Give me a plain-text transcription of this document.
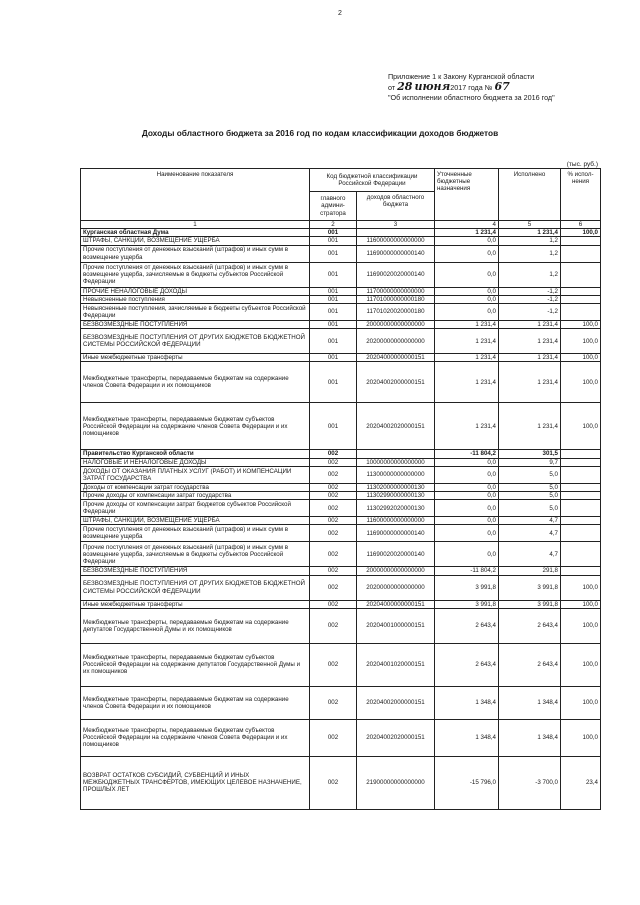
2
Приложение 1 к Закону Курганской области
от 28 июня2017 года № 67
"Об исполнении областного бюджета за 2016 год"
Доходы областного бюджета за 2016 год по кодам классификации доходов бюджетов
(тыс. руб.)
Наименование показателя	Код бюджетной классификации Российской Федерации		Уточненные бюджетные назначения	Исполнено	% испол-нения
	главного админи-стратора	доходов областного бюджета			
1	2	3	4	5	6
Курганская областная Дума	001		1 231,4	1 231,4	100,0
ШТРАФЫ, САНКЦИИ, ВОЗМЕЩЕНИЕ УЩЕРБА	001	11600000000000000	0,0	1,2	
Прочие поступления от денежных взысканий (штрафов) и иных сумм в возмещение ущерба	001	11690000000000140	0,0	1,2	
Прочие поступления от денежных взысканий (штрафов) и иных сумм в возмещение ущерба, зачисляемые в бюджеты субъектов Российской Федерации	001	11690020020000140	0,0	1,2	
ПРОЧИЕ НЕНАЛОГОВЫЕ ДОХОДЫ	001	11700000000000000	0,0	-1,2	
Невыясненные поступления	001	11701000000000180	0,0	-1,2	
Невыясненные поступления, зачисляемые в бюджеты субъектов Российской Федерации	001	11701020020000180	0,0	-1,2	
БЕЗВОЗМЕЗДНЫЕ ПОСТУПЛЕНИЯ	001	20000000000000000	1 231,4	1 231,4	100,0
БЕЗВОЗМЕЗДНЫЕ ПОСТУПЛЕНИЯ ОТ ДРУГИХ БЮДЖЕТОВ БЮДЖЕТНОЙ СИСТЕМЫ РОССИЙСКОЙ ФЕДЕРАЦИИ	001	20200000000000000	1 231,4	1 231,4	100,0
Иные межбюджетные трансферты	001	20204000000000151	1 231,4	1 231,4	100,0
Межбюджетные трансферты, передаваемые бюджетам на содержание членов Совета Федерации и их помощников	001	20204002000000151	1 231,4	1 231,4	100,0
Межбюджетные трансферты, передаваемые бюджетам субъектов Российской Федерации на содержание членов Совета Федерации и их помощников	001	20204002020000151	1 231,4	1 231,4	100,0
Правительство Курганской области	002		-11 804,2	301,5	
НАЛОГОВЫЕ И НЕНАЛОГОВЫЕ ДОХОДЫ	002	10000000000000000	0,0	9,7	
ДОХОДЫ ОТ ОКАЗАНИЯ ПЛАТНЫХ УСЛУГ (РАБОТ) И КОМПЕНСАЦИИ ЗАТРАТ ГОСУДАРСТВА	002	11300000000000000	0,0	5,0	
Доходы от компенсации затрат государства	002	11302000000000130	0,0	5,0	
Прочие доходы от компенсации затрат государства	002	11302990000000130	0,0	5,0	
Прочие доходы от компенсации затрат бюджетов субъектов Российской Федерации	002	11302992020000130	0,0	5,0	
ШТРАФЫ, САНКЦИИ, ВОЗМЕЩЕНИЕ УЩЕРБА	002	11600000000000000	0,0	4,7	
Прочие поступления от денежных взысканий (штрафов) и иных сумм в возмещение ущерба	002	11690000000000140	0,0	4,7	
Прочие поступления от денежных взысканий (штрафов) и иных сумм в возмещение ущерба, зачисляемые в бюджеты субъектов Российской Федерации	002	11690020020000140	0,0	4,7	
БЕЗВОЗМЕЗДНЫЕ ПОСТУПЛЕНИЯ	002	20000000000000000	-11 804,2	291,8	
БЕЗВОЗМЕЗДНЫЕ ПОСТУПЛЕНИЯ ОТ ДРУГИХ БЮДЖЕТОВ БЮДЖЕТНОЙ СИСТЕМЫ РОССИЙСКОЙ ФЕДЕРАЦИИ	002	20200000000000000	3 991,8	3 991,8	100,0
Иные межбюджетные трансферты	002	20204000000000151	3 991,8	3 991,8	100,0
Межбюджетные трансферты, передаваемые бюджетам на содержание депутатов Государственной Думы и их помощников	002	20204001000000151	2 643,4	2 643,4	100,0
Межбюджетные трансферты, передаваемые бюджетам субъектов Российской Федерации на содержание депутатов Государственной Думы и их помощников	002	20204001020000151	2 643,4	2 643,4	100,0
Межбюджетные трансферты, передаваемые бюджетам на содержание членов Совета Федерации и их помощников	002	20204002000000151	1 348,4	1 348,4	100,0
Межбюджетные трансферты, передаваемые бюджетам субъектов Российской Федерации на содержание членов Совета Федерации и их помощников	002	20204002020000151	1 348,4	1 348,4	100,0
ВОЗВРАТ ОСТАТКОВ СУБСИДИЙ, СУБВЕНЦИЙ И ИНЫХ МЕЖБЮДЖЕТНЫХ ТРАНСФЕРТОВ, ИМЕЮЩИХ ЦЕЛЕВОЕ НАЗНАЧЕНИЕ, ПРОШЛЫХ ЛЕТ	002	21900000000000000	-15 796,0	-3 700,0	23,4
